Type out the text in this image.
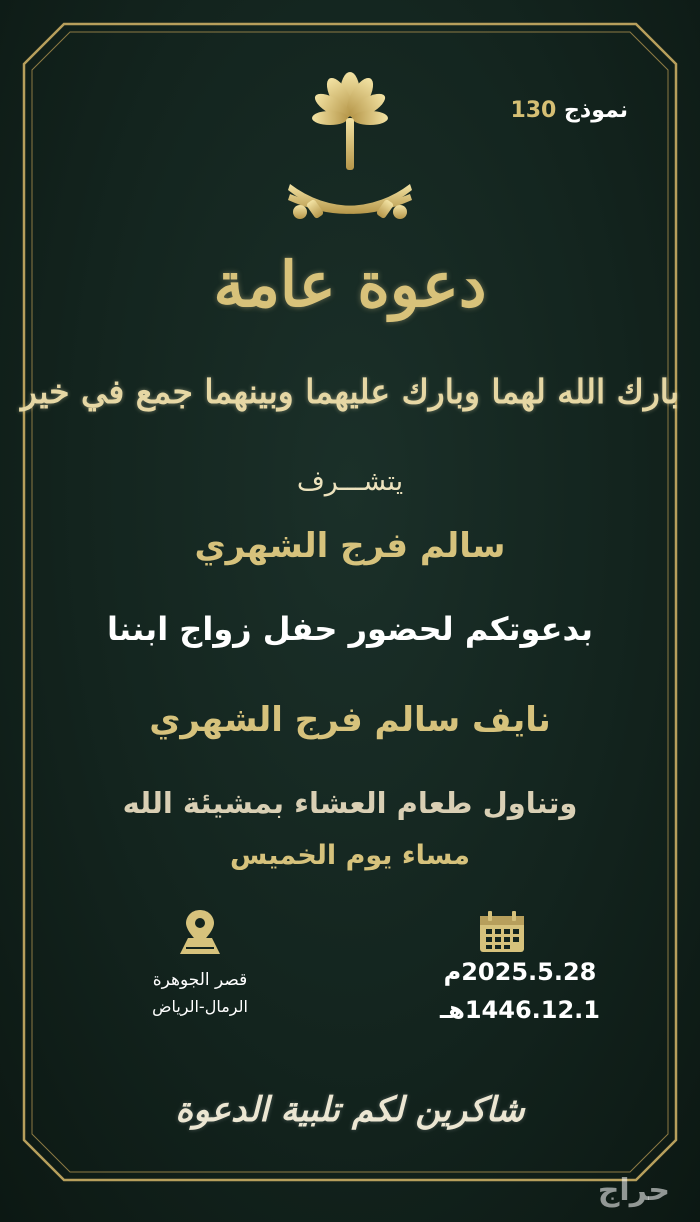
نموذج 130
دعوة عامة
بارك الله لهما وبارك عليهما وبينهما جمع في خير
يتشـــرف
سالم فرج الشهري
بدعوتكم لحضور حفل زواج ابننا
نايف سالم فرج الشهري
وتناول طعام العشاء بمشيئة الله
مساء يوم الخميس
2025.5.28م
1446.12.1هـ
قصر الجوهرة
الرمال-الرياض
شاكرين لكم تلبية الدعوة
حراج
